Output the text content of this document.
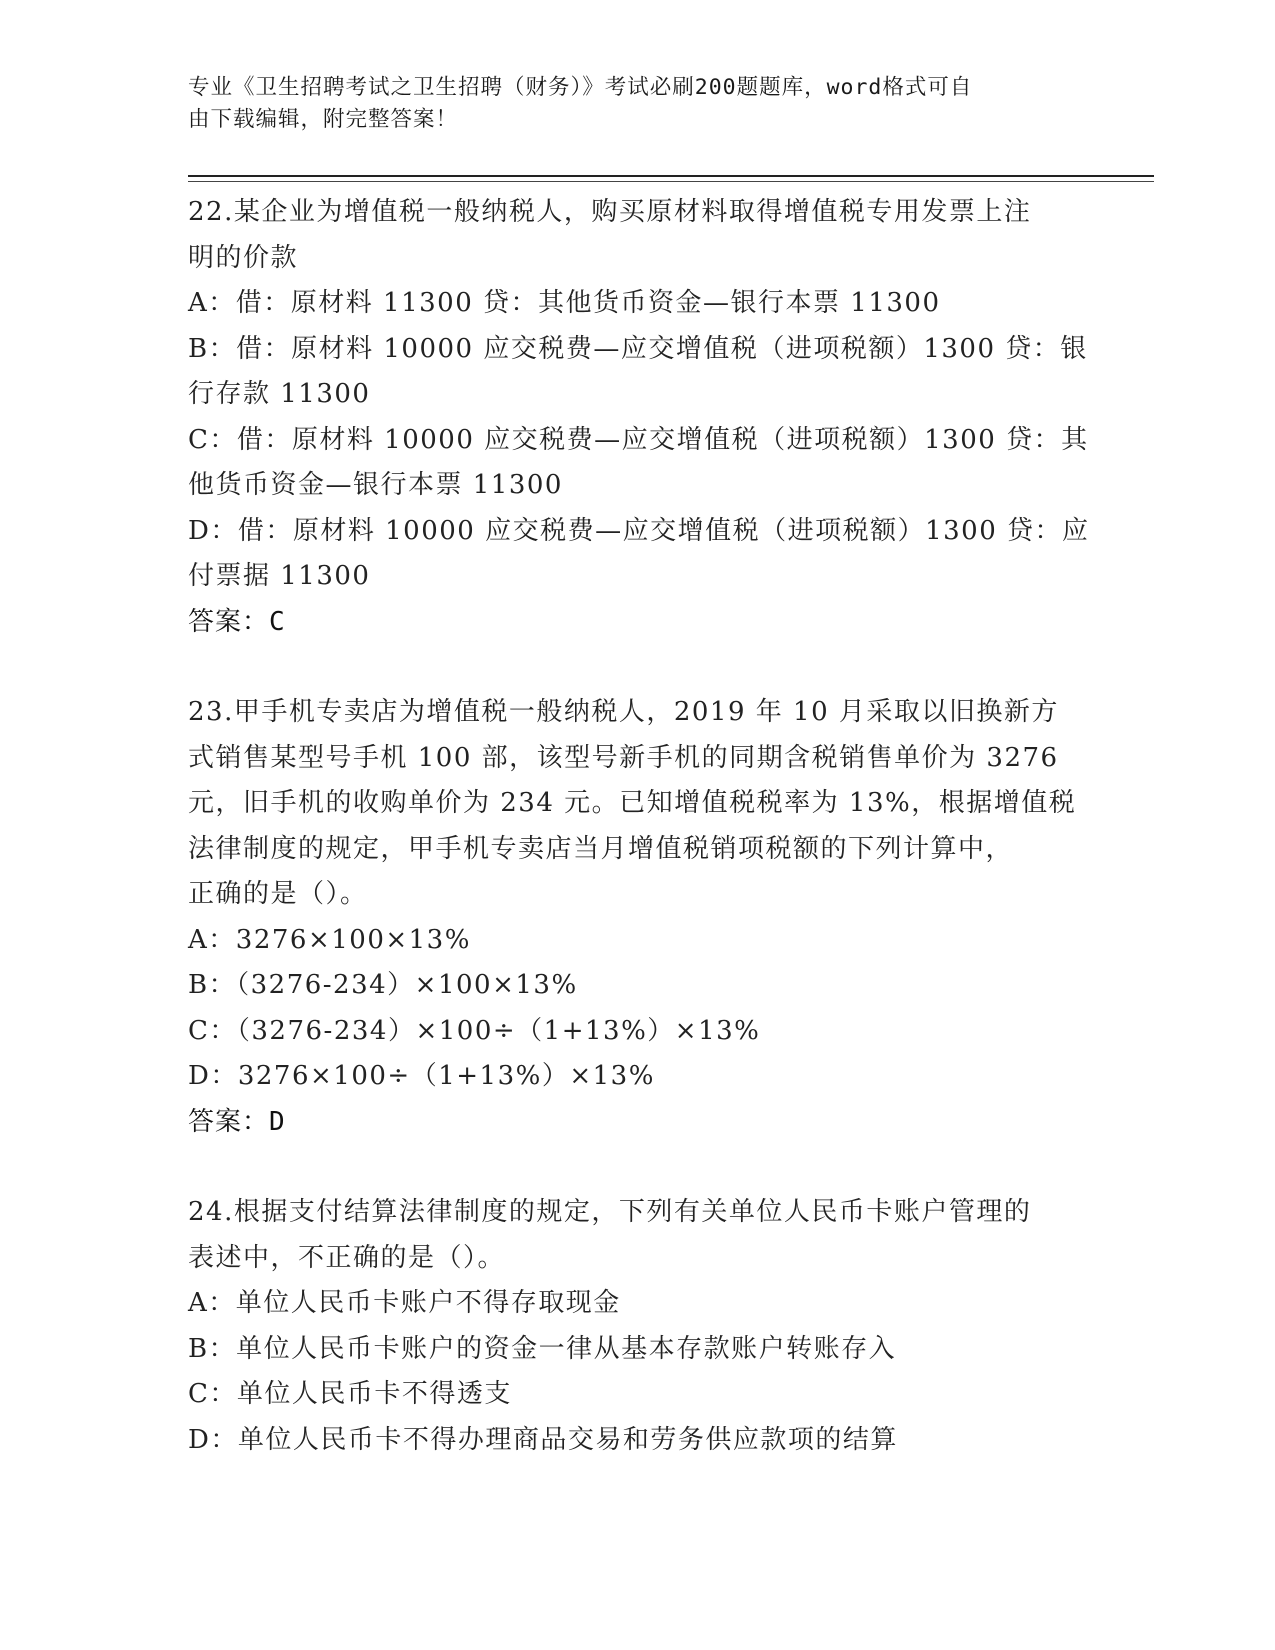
专业《卫生招聘考试之卫生招聘（财务）》考试必刷200题题库，word格式可自
由下载编辑，附完整答案！
22.某企业为增值税一般纳税人，购买原材料取得增值税专用发票上注
明的价款
A：借：原材料 11300 贷：其他货币资金—银行本票 11300
B：借：原材料 10000 应交税费—应交增值税（进项税额）1300 贷：银
行存款 11300
C：借：原材料 10000 应交税费—应交增值税（进项税额）1300 贷：其
他货币资金—银行本票 11300
D：借：原材料 10000 应交税费—应交增值税（进项税额）1300 贷：应
付票据 11300
答案：C
23.甲手机专卖店为增值税一般纳税人，2019 年 10 月采取以旧换新方
式销售某型号手机 100 部，该型号新手机的同期含税销售单价为 3276
元，旧手机的收购单价为 234 元。已知增值税税率为 13%，根据增值税
法律制度的规定，甲手机专卖店当月增值税销项税额的下列计算中，
正确的是（）。
A：3276×100×13%
B：（3276-234）×100×13%
C：（3276-234）×100÷（1+13%）×13%
D：3276×100÷（1+13%）×13%
答案：D
24.根据支付结算法律制度的规定，下列有关单位人民币卡账户管理的
表述中，不正确的是（）。
A：单位人民币卡账户不得存取现金
B：单位人民币卡账户的资金一律从基本存款账户转账存入
C：单位人民币卡不得透支
D：单位人民币卡不得办理商品交易和劳务供应款项的结算
